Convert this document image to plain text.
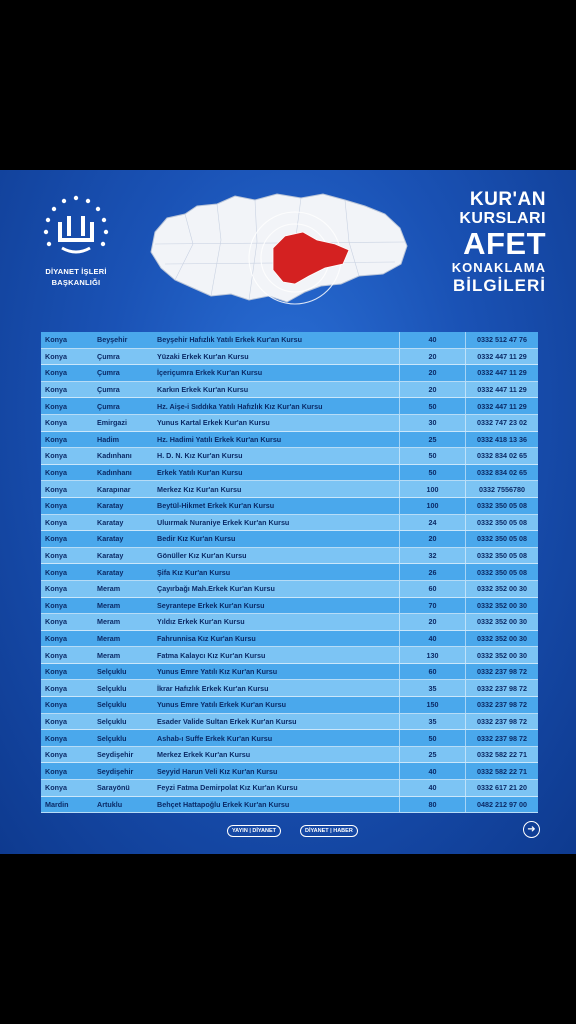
DİYANET İŞLERİ
BAŞKANLIĞI
KUR'AN
KURSLARI
AFET
KONAKLAMA
BİLGİLERİ
Konya	Beyşehir	Beyşehir Hafızlık Yatılı Erkek Kur'an Kursu	40	0332 512 47 76
Konya	Çumra	Yüzaki Erkek Kur'an Kursu	20	0332 447 11 29
Konya	Çumra	İçeriçumra Erkek Kur'an Kursu	20	0332 447 11 29
Konya	Çumra	Karkın Erkek Kur'an Kursu	20	0332 447 11 29
Konya	Çumra	Hz. Aişe-i Sıddıka Yatılı Hafızlık Kız Kur'an Kursu	50	0332 447 11 29
Konya	Emirgazi	Yunus Kartal Erkek Kur'an Kursu	30	0332 747 23 02
Konya	Hadim	Hz. Hadimi Yatılı Erkek Kur'an Kursu	25	0332 418 13 36
Konya	Kadınhanı	H. D. N. Kız Kur'an Kursu	50	0332 834 02 65
Konya	Kadınhanı	Erkek Yatılı Kur'an Kursu	50	0332 834 02 65
Konya	Karapınar	Merkez Kız Kur'an Kursu	100	0332 7556780
Konya	Karatay	Beytül-Hikmet Erkek Kur'an Kursu	100	0332 350 05 08
Konya	Karatay	Uluırmak Nuraniye Erkek Kur'an Kursu	24	0332 350 05 08
Konya	Karatay	Bedir Kız Kur'an Kursu	20	0332 350 05 08
Konya	Karatay	Gönüller Kız Kur'an Kursu	32	0332 350 05 08
Konya	Karatay	Şifa Kız Kur'an Kursu	26	0332 350 05 08
Konya	Meram	Çayırbağı Mah.Erkek Kur'an Kursu	60	0332 352 00 30
Konya	Meram	Seyrantepe Erkek Kur'an Kursu	70	0332 352 00 30
Konya	Meram	Yıldız Erkek Kur'an Kursu	20	0332 352 00 30
Konya	Meram	Fahrunnisa Kız Kur'an Kursu	40	0332 352 00 30
Konya	Meram	Fatma Kalaycı Kız Kur'an Kursu	130	0332 352 00 30
Konya	Selçuklu	Yunus Emre Yatılı Kız Kur'an Kursu	60	0332 237 98 72
Konya	Selçuklu	İkrar Hafızlık Erkek Kur'an Kursu	35	0332 237 98 72
Konya	Selçuklu	Yunus Emre Yatılı Erkek Kur'an Kursu	150	0332 237 98 72
Konya	Selçuklu	Esader Valide Sultan Erkek Kur'an Kursu	35	0332 237 98 72
Konya	Selçuklu	Ashab-ı Suffe Erkek Kur'an Kursu	50	0332 237 98 72
Konya	Seydişehir	Merkez Erkek Kur'an Kursu	25	0332 582 22 71
Konya	Seydişehir	Seyyid Harun Veli Kız Kur'an Kursu	40	0332 582 22 71
Konya	Sarayönü	Feyzi Fatma Demirpolat Kız Kur'an Kursu	40	0332 617 21 20
Mardin	Artuklu	Behçet Hattapoğlu Erkek Kur'an Kursu	80	0482 212 97 00
YAYIN | DİYANET	DİYANET | HABER	➜
